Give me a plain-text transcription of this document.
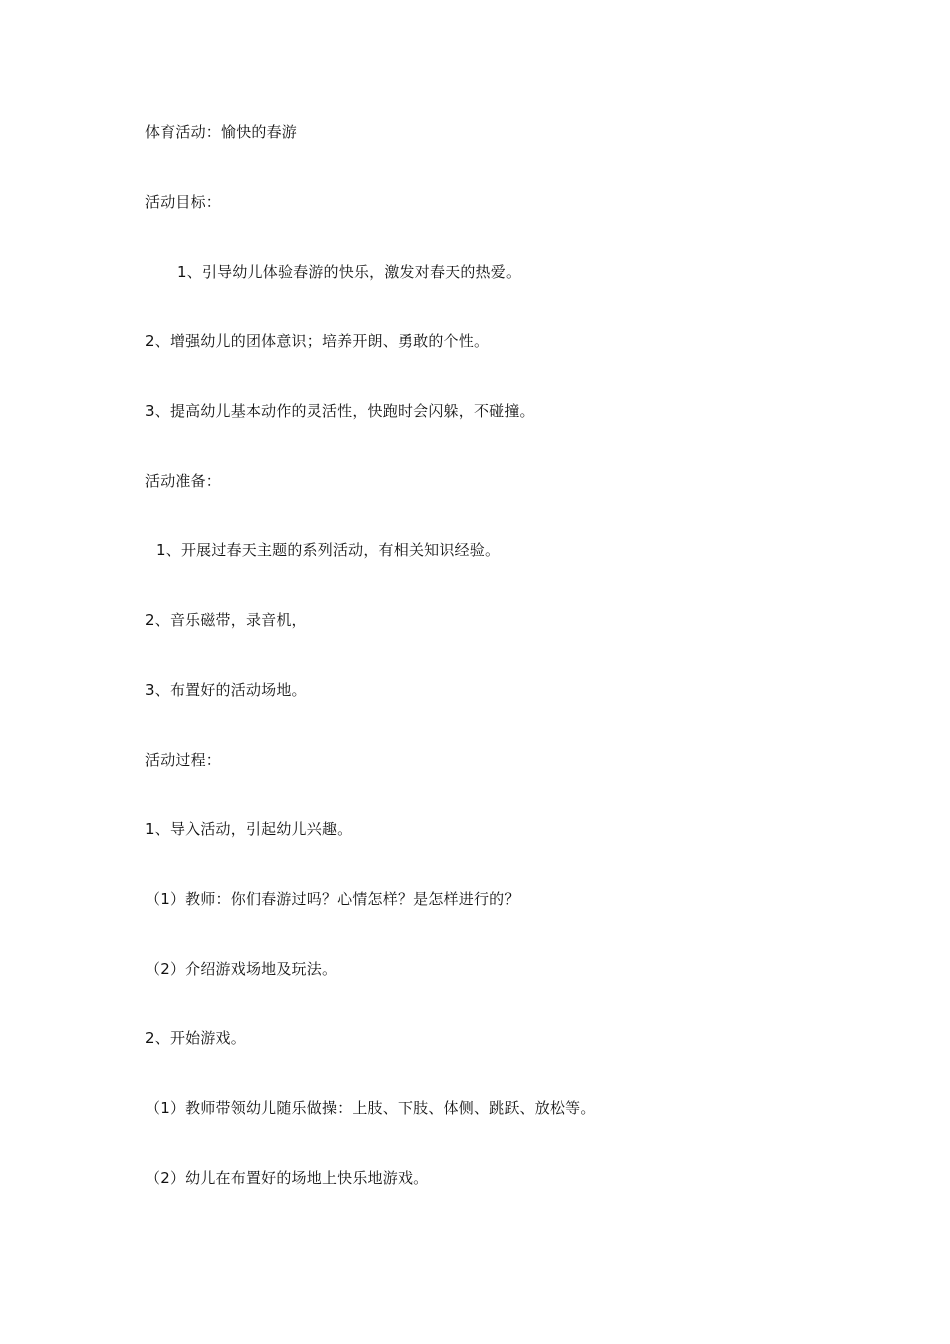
体育活动：愉快的春游
活动目标：
1、引导幼儿体验春游的快乐，激发对春天的热爱。
2、增强幼儿的团体意识；培养开朗、勇敢的个性。
3、提高幼儿基本动作的灵活性，快跑时会闪躲，不碰撞。
活动准备：
1、开展过春天主题的系列活动，有相关知识经验。
2、音乐磁带，录音机，
3、布置好的活动场地。
活动过程：
1、导入活动，引起幼儿兴趣。
（1）教师：你们春游过吗？心情怎样？是怎样进行的？
（2）介绍游戏场地及玩法。
2、开始游戏。
（1）教师带领幼儿随乐做操：上肢、下肢、体侧、跳跃、放松等。
（2）幼儿在布置好的场地上快乐地游戏。
